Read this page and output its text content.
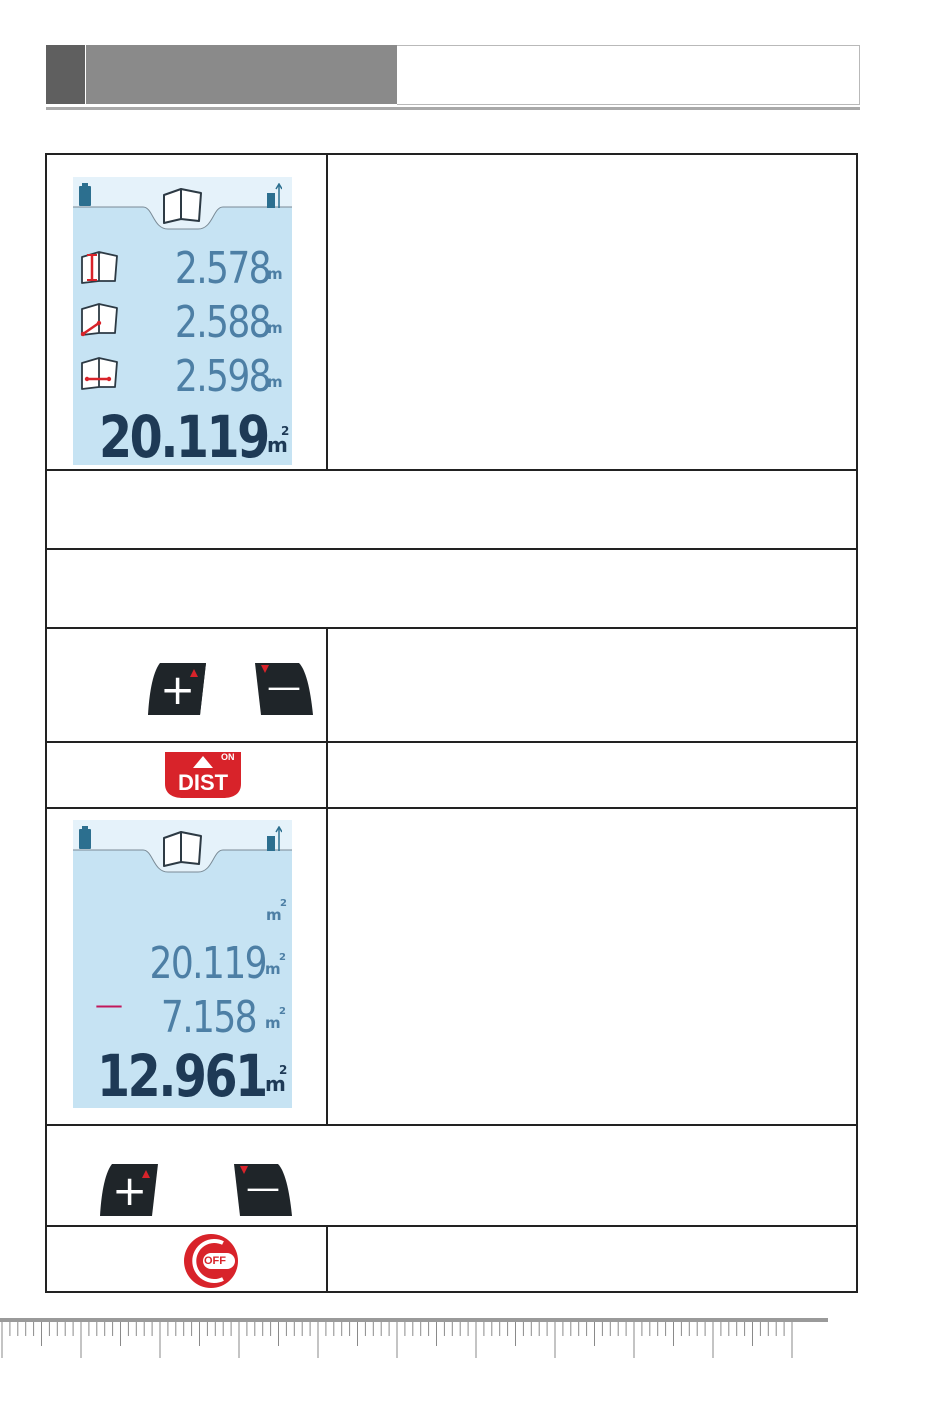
2.578
m
2.588
m
2.598
m
20.119 m
2
+ —
ON
DIST
m
2
20.119 m
2
— 7.158 m
2
12.961 m
2
+	—
OFF
